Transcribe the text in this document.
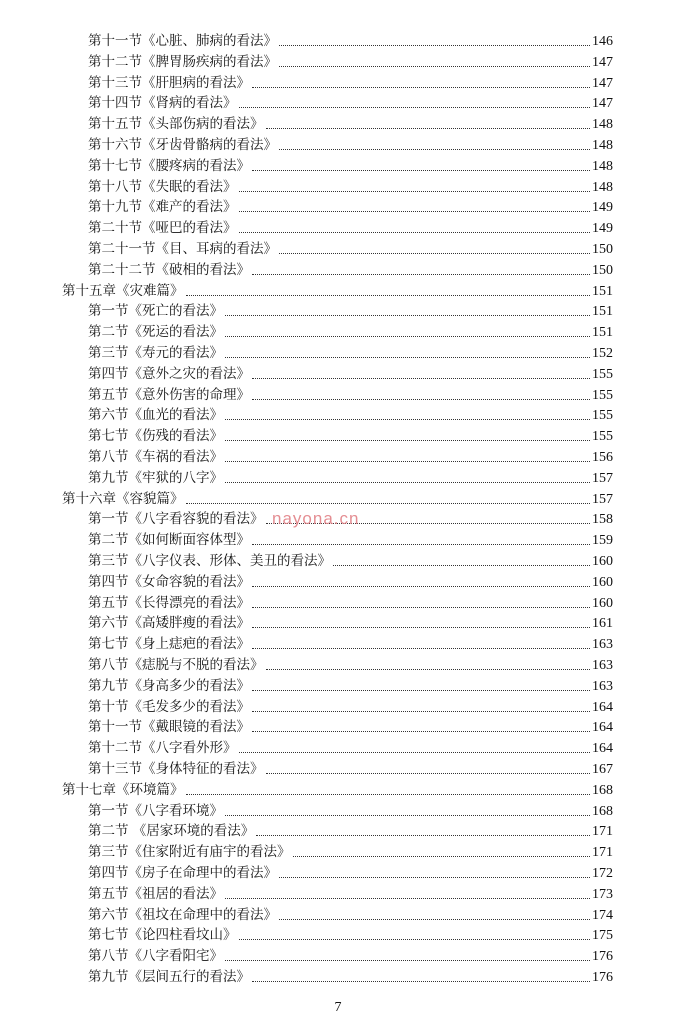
第十一节《心脏、肺病的看法》	146
第十二节《脾胃肠疾病的看法》	147
第十三节《肝胆病的看法》	147
第十四节《肾病的看法》	147
第十五节《头部伤病的看法》	148
第十六节《牙齿骨骼病的看法》	148
第十七节《腰疼病的看法》	148
第十八节《失眠的看法》	148
第十九节《难产的看法》	149
第二十节《哑巴的看法》	149
第二十一节《目、耳病的看法》	150
第二十二节《破相的看法》	150
第十五章《灾难篇》	151
第一节《死亡的看法》	151
第二节《死运的看法》	151
第三节《寿元的看法》	152
第四节《意外之灾的看法》	155
第五节《意外伤害的命理》	155
第六节《血光的看法》	155
第七节《伤残的看法》	155
第八节《车祸的看法》	156
第九节《牢狱的八字》	157
第十六章《容貌篇》	157
第一节《八字看容貌的看法》	158
第二节《如何断面容体型》	159
第三节《八字仪表、形体、美丑的看法》	160
第四节《女命容貌的看法》	160
第五节《长得漂亮的看法》	160
第六节《高矮胖瘦的看法》	161
第七节《身上痣疤的看法》	163
第八节《痣脱与不脱的看法》	163
第九节《身高多少的看法》	163
第十节《毛发多少的看法》	164
第十一节《戴眼镜的看法》	164
第十二节《八字看外形》	164
第十三节《身体特征的看法》	167
第十七章《环境篇》	168
第一节《八字看环境》	168
第二节 《居家环境的看法》	171
第三节《住家附近有庙宇的看法》	171
第四节《房子在命理中的看法》	172
第五节《祖居的看法》	173
第六节《祖坟在命理中的看法》	174
第七节《论四柱看坟山》	175
第八节《八字看阳宅》	176
第九节《层间五行的看法》	176
nayona.cn
7
